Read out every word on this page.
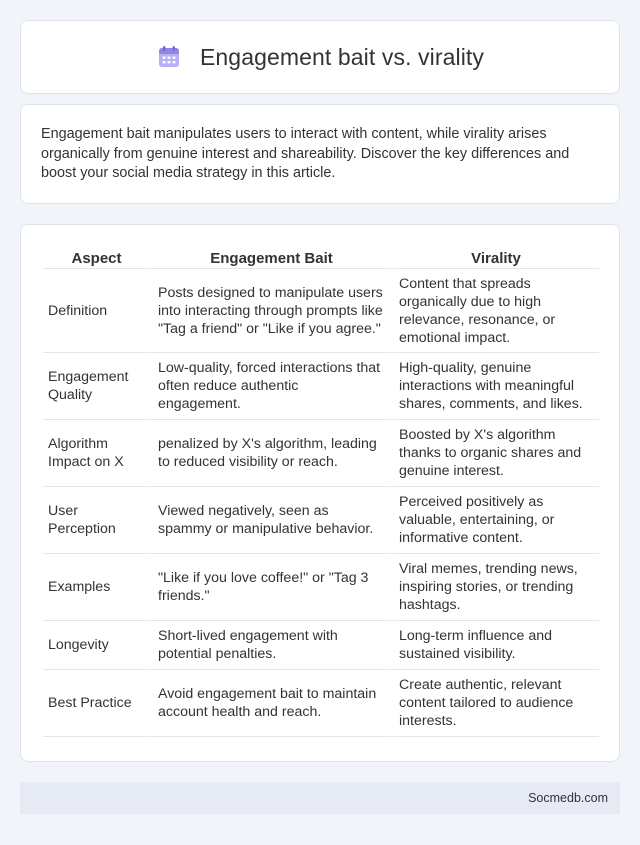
Engagement bait vs. virality

Engagement bait manipulates users to interact with content, while virality arises organically from genuine interest and shareability. Discover the key differences and boost your social media strategy in this article.

Aspect	Engagement Bait	Virality
Definition	Posts designed to manipulate users into interacting through prompts like "Tag a friend" or "Like if you agree."	Content that spreads organically due to high relevance, resonance, or emotional impact.
Engagement Quality	Low-quality, forced interactions that often reduce authentic engagement.	High-quality, genuine interactions with meaningful shares, comments, and likes.
Algorithm Impact on X	penalized by X's algorithm, leading to reduced visibility or reach.	Boosted by X's algorithm thanks to organic shares and genuine interest.
User Perception	Viewed negatively, seen as spammy or manipulative behavior.	Perceived positively as valuable, entertaining, or informative content.
Examples	"Like if you love coffee!" or "Tag 3 friends."	Viral memes, trending news, inspiring stories, or trending hashtags.
Longevity	Short-lived engagement with potential penalties.	Long-term influence and sustained visibility.
Best Practice	Avoid engagement bait to maintain account health and reach.	Create authentic, relevant content tailored to audience interests.
Socmedb.com
